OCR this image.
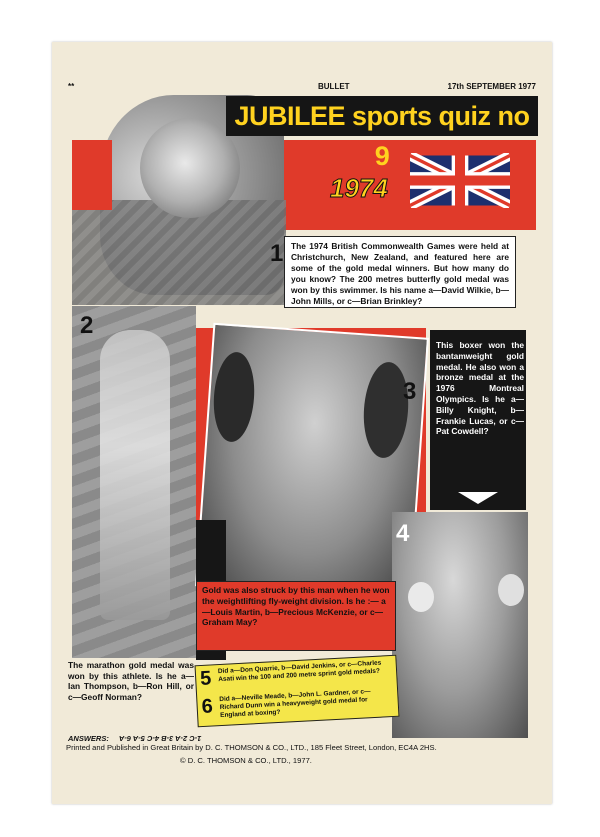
**	BULLET	17th SEPTEMBER 1977
JUBILEE sports quiz no 9
1974
1 The 1974 British Commonwealth Games were held at Christchurch, New Zealand, and featured here are some of the gold medal winners. But how many do you know? The 200 metres butterfly gold medal was won by this swimmer. Is his name a—David Wilkie, b—John Mills, or c—Brian Brinkley?
2
3
This boxer won the bantamweight gold medal. He also won a bronze medal at the 1976 Montreal Olympics. Is he a—Billy Knight, b—Frankie Lucas, or c—Pat Cowdell?
4
Gold was also struck by this man when he won the weightlifting fly-weight division. Is he :— a—Louis Martin, b—Precious McKenzie, or c—Graham May?
The marathon gold medal was won by this athlete. Is he a—Ian Thompson, b—Ron Hill, or c—Geoff Norman?
5
Did a—Don Quarrie, b—David Jenkins, or c—Charles Asati win the 100 and 200 metre sprint gold medals?
6 Did a—Neville Meade, b—John L. Gardner, or c—Richard Dunn win a heavyweight gold medal for England at boxing?
ANSWERS: 1-C 2-A 3-B 4-C 5-A 6-A
Printed and Published in Great Britain by D. C. THOMSON & CO., LTD., 185 Fleet Street, London, EC4A 2HS.
© D. C. THOMSON & CO., LTD., 1977.
